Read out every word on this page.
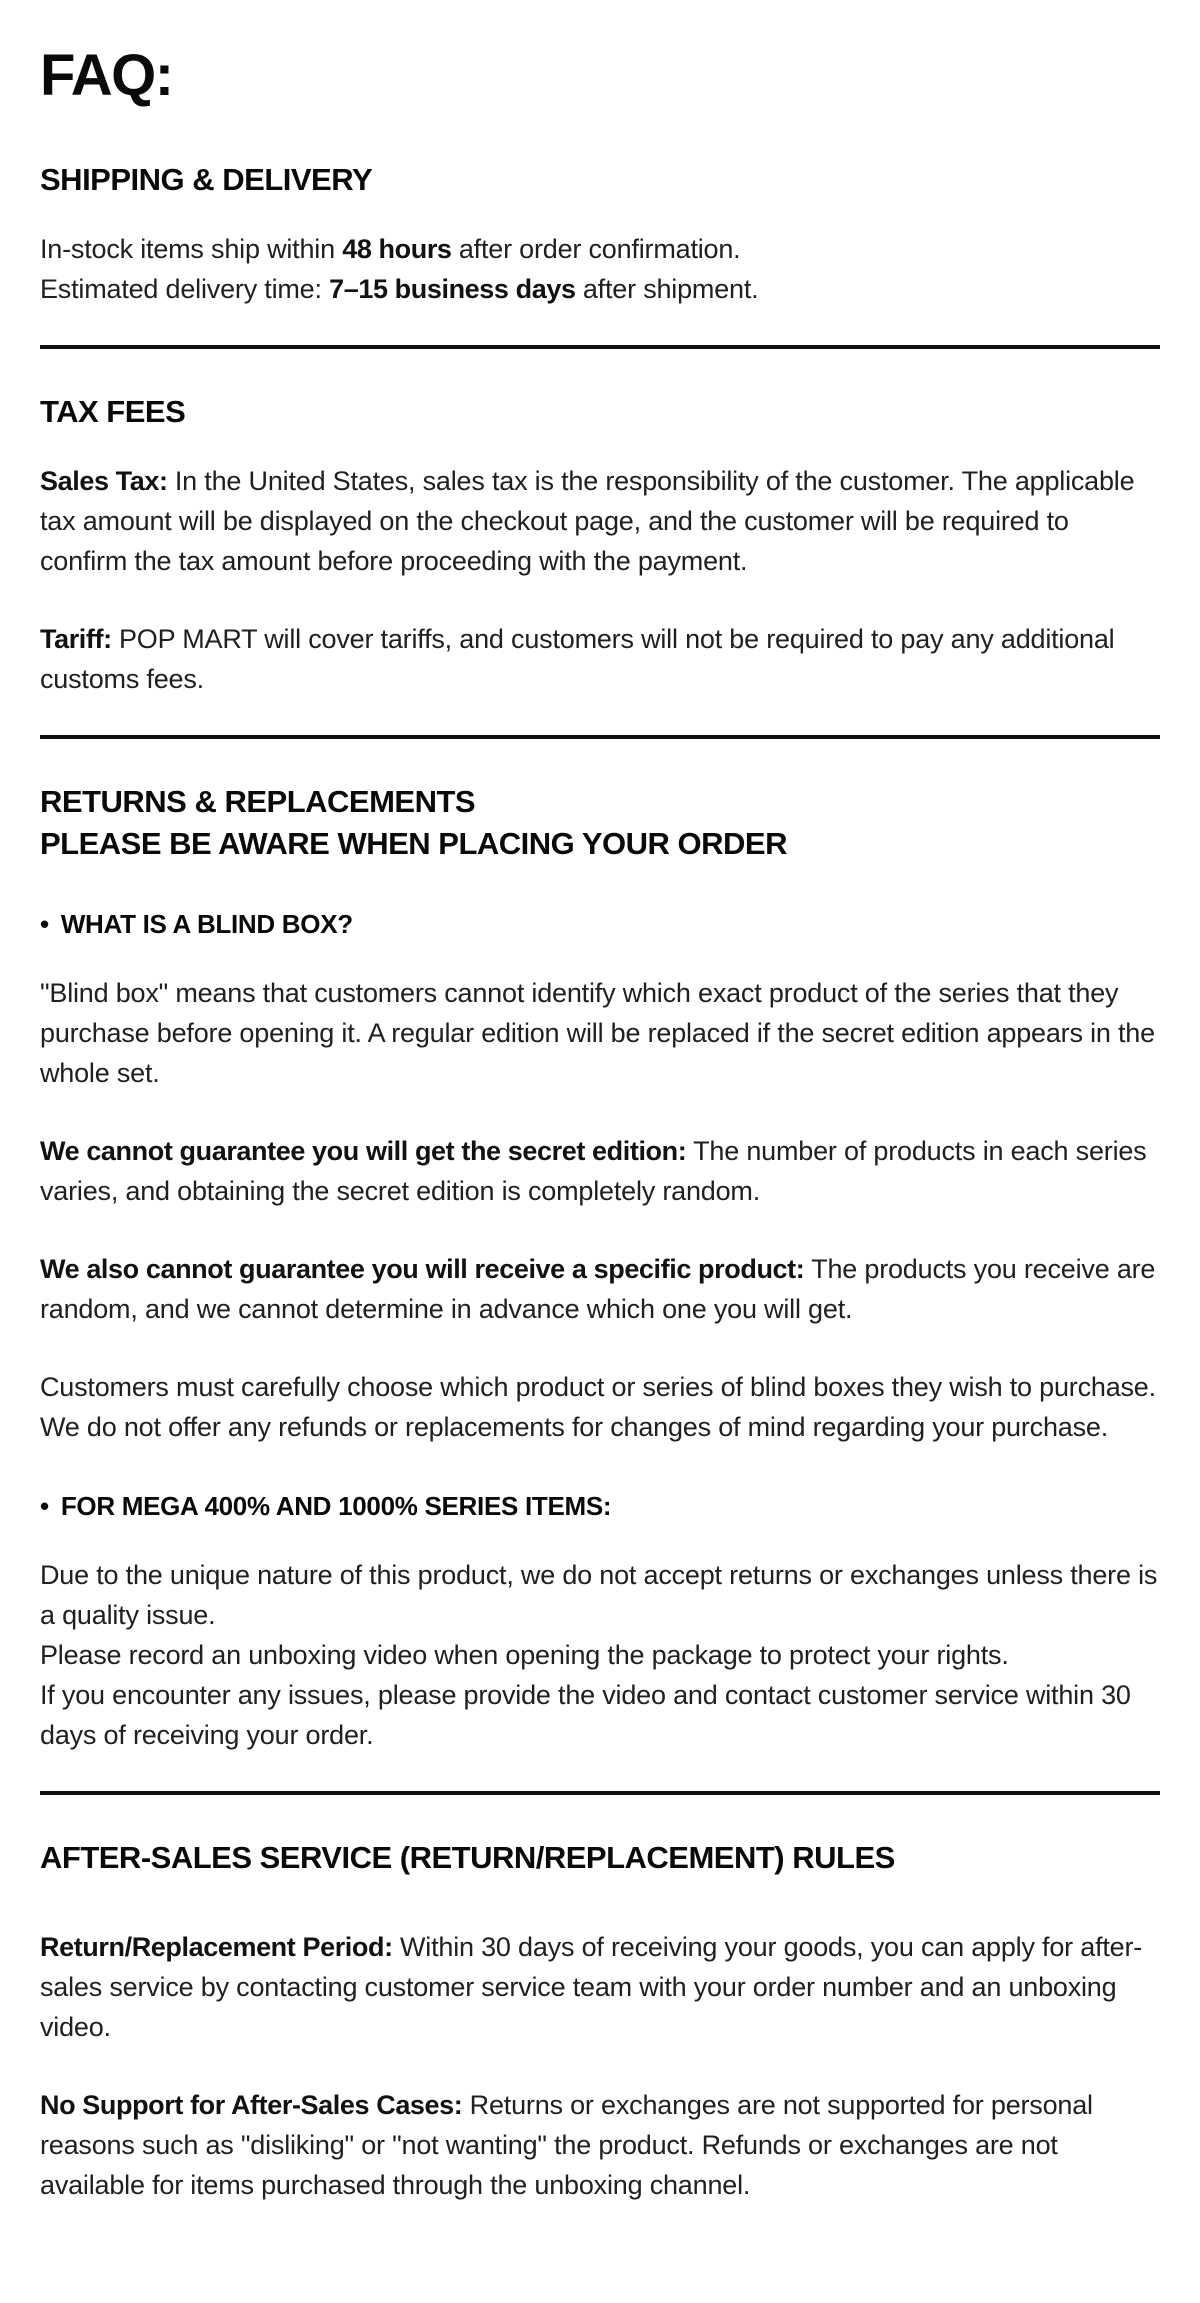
FAQ:
SHIPPING & DELIVERY
In-stock items ship within 48 hours after order confirmation.
Estimated delivery time: 7–15 business days after shipment.
TAX FEES
Sales Tax: In the United States, sales tax is the responsibility of the customer. The applicable tax amount will be displayed on the checkout page, and the customer will be required to confirm the tax amount before proceeding with the payment.
Tariff: POP MART will cover tariffs, and customers will not be required to pay any additional customs fees.
RETURNS & REPLACEMENTS
PLEASE BE AWARE WHEN PLACING YOUR ORDER
• WHAT IS A BLIND BOX?
"Blind box" means that customers cannot identify which exact product of the series that they purchase before opening it. A regular edition will be replaced if the secret edition appears in the whole set.
We cannot guarantee you will get the secret edition: The number of products in each series varies, and obtaining the secret edition is completely random.
We also cannot guarantee you will receive a specific product: The products you receive are random, and we cannot determine in advance which one you will get.
Customers must carefully choose which product or series of blind boxes they wish to purchase. We do not offer any refunds or replacements for changes of mind regarding your purchase.
• FOR MEGA 400% AND 1000% SERIES ITEMS:
Due to the unique nature of this product, we do not accept returns or exchanges unless there is a quality issue.
Please record an unboxing video when opening the package to protect your rights.
If you encounter any issues, please provide the video and contact customer service within 30 days of receiving your order.
AFTER-SALES SERVICE (RETURN/REPLACEMENT) RULES
Return/Replacement Period: Within 30 days of receiving your goods, you can apply for after-sales service by contacting customer service team with your order number and an unboxing video.
No Support for After-Sales Cases: Returns or exchanges are not supported for personal reasons such as "disliking" or "not wanting" the product. Refunds or exchanges are not available for items purchased through the unboxing channel.
